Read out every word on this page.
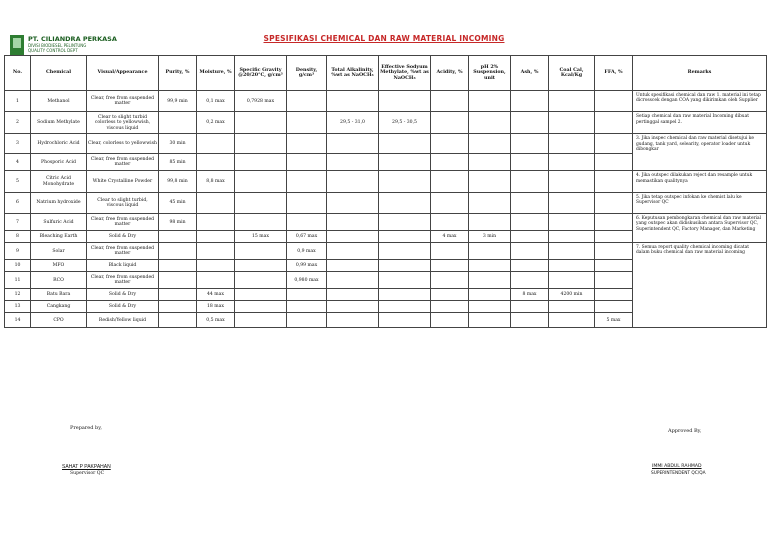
PT. CILIANDRA PERKASA
DIVISI BIODIESEL PELINTUNG
QUALITY CONTROL DEPT
SPESIFIKASI CHEMICAL DAN RAW MATERIAL INCOMING
No.	Chemical	Visual/Appearance	Purity, %	Moisture, %	Specific Gravity @20/20°C, g/cm³	Density, g/cm³	Total Alkalinity, %wt as NaOCH₃	Effective Sodyum Methylate, %wt as NaOCH₃	Acidity, %	pH 2% Suspension, unit	Ash, %	Coal Cal, Kcal/Kg	FFA, %	Remarks
1	Methanol	Clear, free from suspended matter	99,9 min	0,1 max	0,7928 max									Untuk spesifikasi chemical dan raw 1. material ini tetap dicrosscek dengan COA yang dikirimkan oleh Supplier

2	Sodium Methylate	Clear to slight turbid colorless to yellowwish, viscous liquid		0,2 max			29,5 - 31,0	29,5 - 30,5						Setiap chemical dan raw material Incoming dibuat pertinggal sampel 2.

3	Hydrochloric Acid	Clear, colorless to yellowwish	30 min											3. Jika inspec chemical dan raw material disetujui ke gudang, tank yard, selearity, operator loader untuk dibongkar

4	Phosporic Acid	Clear, free from suspended matter	85 min											
5	Citric Acid Monohydrate	White Crystalline Powder	99,8 min	8,8 max										4. Jika outspec dilakukan reject dan resample untuk memastikan qualitynya

6	Natrium hydroxide	Clear to slight turbid, viscous liquid	45 min											5. Jika tetap outspec infokan ke chemist lalu ke Supervisor QC

7	Sulfuric Acid	Clear, free from suspended matter	98 min											6. Keputusan pembongkaran chemical dan raw material yang outspec akan didiskusikan antara Supervisor QC, Superintendent QC, Factory Manager, dan Marketing

8	Bleaching Earth	Solid & Dry			15 max	0,67 max			4 max	3 min				
9	Solar	Clear, free from suspended matter				0,9 max								7. Semua report quality chemical incoming dicatat dalam buku chemical dan raw material incoming

10	MFO	Black liquid				0,99 max								
11	RCO	Clear, free from suspended matter				0,980 max								
12	Batu Bara	Solid & Dry		44 max							8 max	4200 min		
13	Cangkang	Solid & Dry		18 max										
14	CPO	Redish/Yellow liquid		0,5 max									5 max	
Prepared by,	Approved By,
SAHAT P PAKPAHAN
Supervisor QC
IMMI ABDUL RAHMAD
SUPERINTENDENT QC/QA
